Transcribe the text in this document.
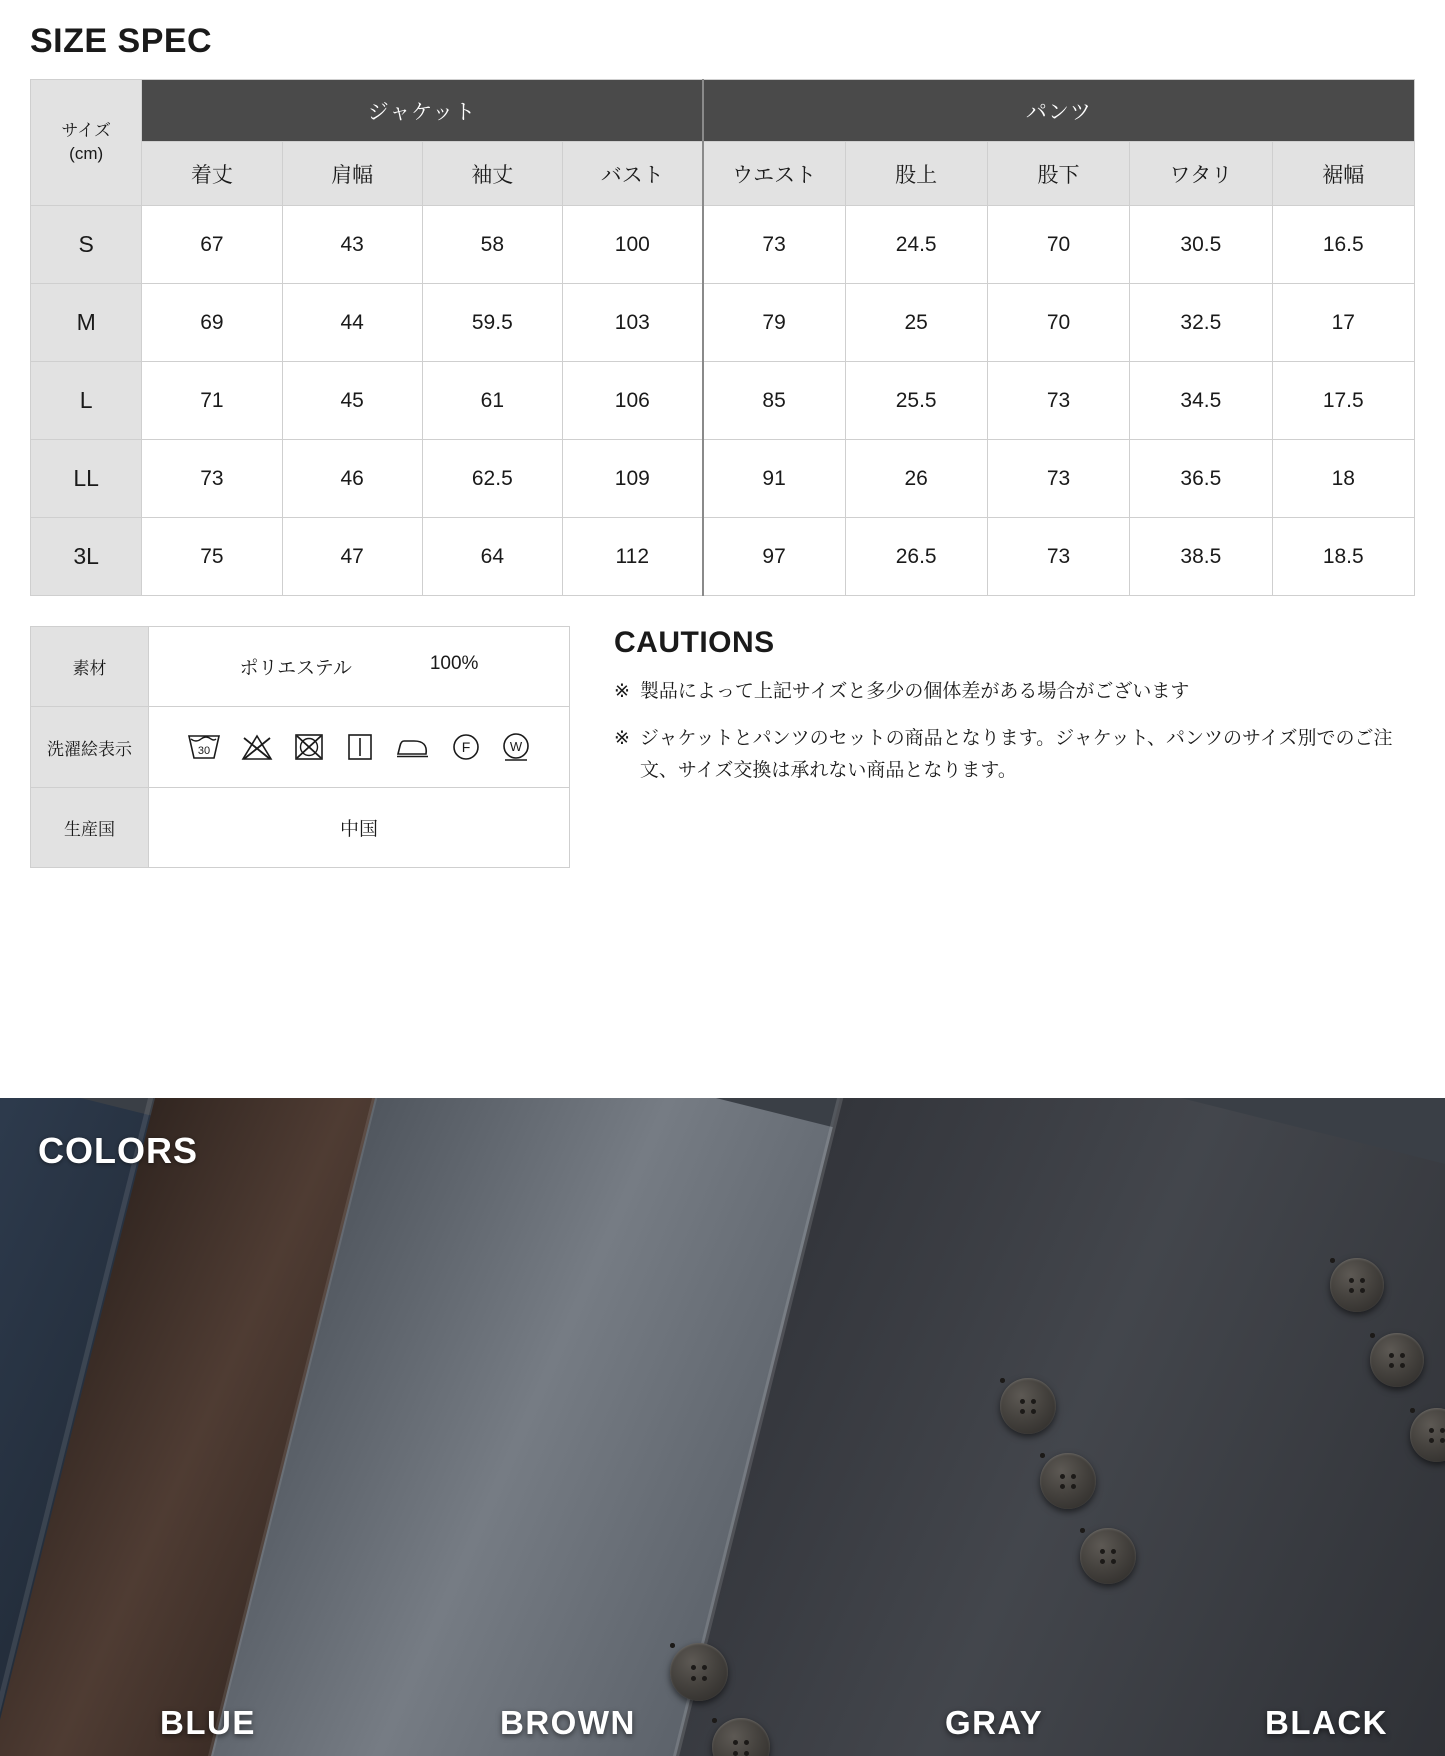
SIZE SPEC
サイズ
(cm)	ジャケット				パンツ				
	着丈	肩幅	袖丈	バスト	ウエスト	股上	股下	ワタリ	裾幅
S	67	43	58	100	73	24.5	70	30.5	16.5
M	69	44	59.5	103	79	25	70	32.5	17
L	71	45	61	106	85	25.5	73	34.5	17.5
LL	73	46	62.5	109	91	26	73	36.5	18
3L	75	47	64	112	97	26.5	73	38.5	18.5
素材	ポリエステル 100%

洗濯絵表示	30 F W

生産国	中国
CAUTIONS
※ 製品によって上記サイズと多少の個体差がある場合がございます
※ ジャケットとパンツのセットの商品となります。ジャケット、パンツのサイズ別でのご注文、サイズ交換は承れない商品となります。
COLORS
BLUE	BROWN	GRAY	BLACK
